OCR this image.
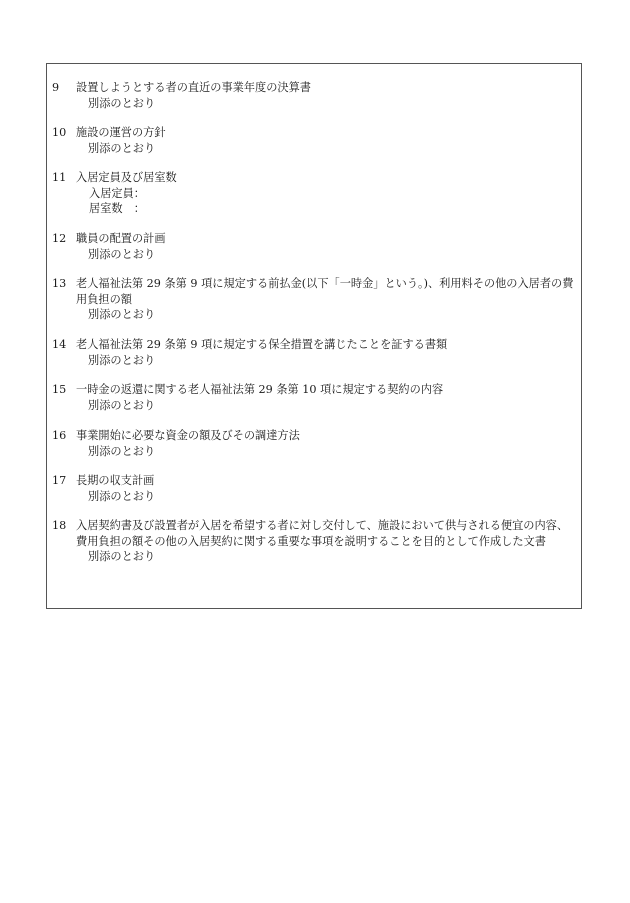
9	設置しようとする者の直近の事業年度の決算書
別添のとおり
10 施設の運営の方針
別添のとおり
11 入居定員及び居室数
入居定員：
居室数　：
12 職員の配置の計画
別添のとおり
13 老人福祉法第 29 条第 9 項に規定する前払金(以下「一時金」という。)、利用料その他の入居者の費用負担の額
別添のとおり
14 老人福祉法第 29 条第 9 項に規定する保全措置を講じたことを証する書類
別添のとおり
15 一時金の返還に関する老人福祉法第 29 条第 10 項に規定する契約の内容
別添のとおり
16 事業開始に必要な資金の額及びその調達方法
別添のとおり
17 長期の収支計画
別添のとおり
18 入居契約書及び設置者が入居を希望する者に対し交付して、施設において供与される便宜の内容、費用負担の額その他の入居契約に関する重要な事項を説明することを目的として作成した文書
別添のとおり
